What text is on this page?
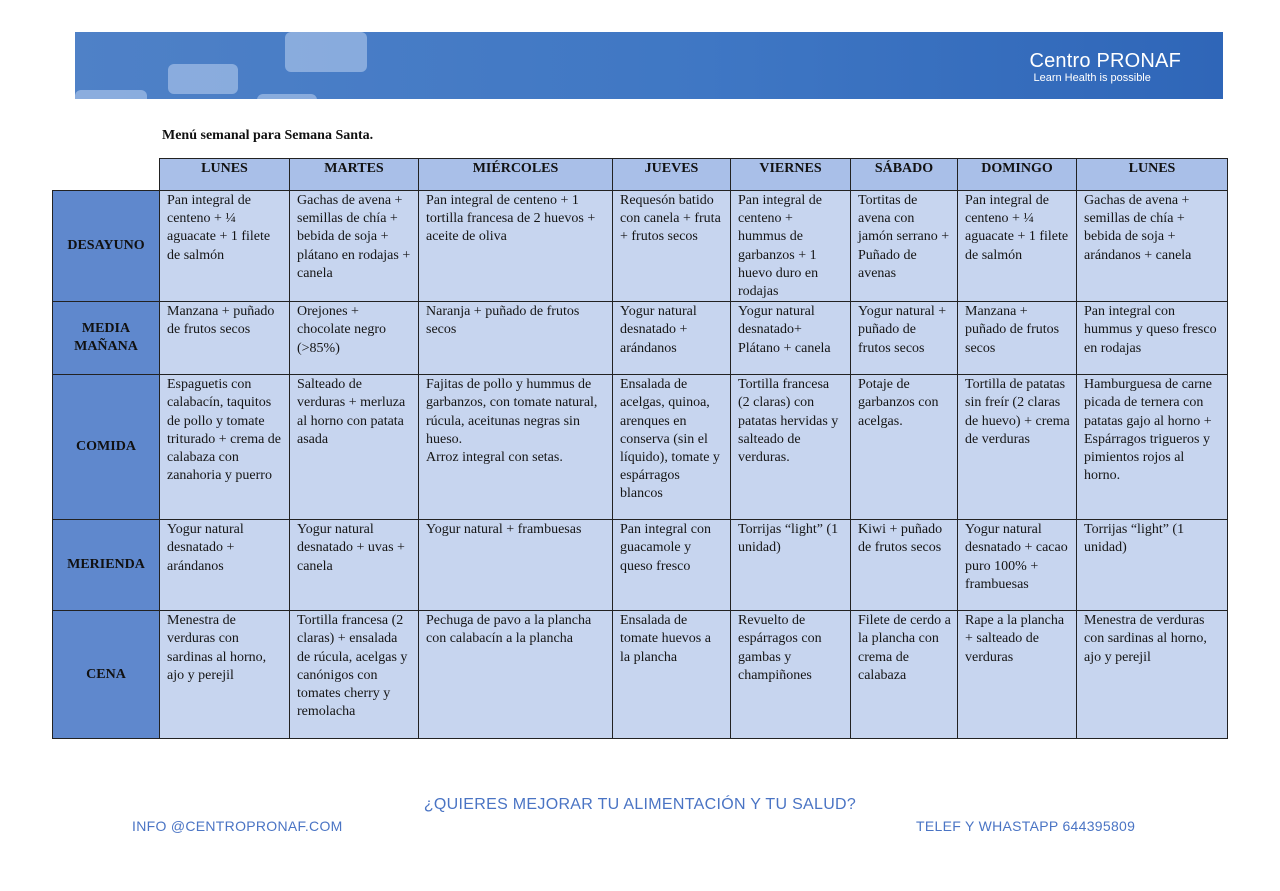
Centro PRONAF
Learn Health is possible
Menú semanal para Semana Santa.
	LUNES	MARTES	MIÉRCOLES	JUEVES	VIERNES	SÁBADO	DOMINGO	LUNES
DESAYUNO	Pan integral de centeno + ¼ aguacate + 1 filete de salmón	Gachas de avena + semillas de chía + bebida de soja + plátano en rodajas + canela	Pan integral de centeno + 1 tortilla francesa de 2 huevos + aceite de oliva	Requesón batido con canela + fruta + frutos secos	Pan integral de centeno + hummus de garbanzos + 1 huevo duro en rodajas	Tortitas de avena con jamón serrano + Puñado de avenas	Pan integral de centeno + ¼ aguacate + 1 filete de salmón	Gachas de avena + semillas de chía + bebida de soja + arándanos + canela
MEDIA MAÑANA	Manzana + puñado de frutos secos	Orejones + chocolate negro (>85%)	Naranja + puñado de frutos secos	Yogur natural desnatado + arándanos	Yogur natural desnatado+ Plátano + canela	Yogur natural + puñado de frutos secos	Manzana + puñado de frutos secos	Pan integral con hummus y queso fresco en rodajas
COMIDA	Espaguetis con calabacín, taquitos de pollo y tomate triturado + crema de calabaza con zanahoria y puerro	Salteado de verduras + merluza al horno con patata asada	Fajitas de pollo y hummus de garbanzos, con tomate natural, rúcula, aceitunas negras sin hueso.
Arroz integral con setas.	Ensalada de acelgas, quinoa, arenques en conserva (sin el líquido), tomate y espárragos blancos	Tortilla francesa (2 claras) con patatas hervidas y salteado de verduras.	Potaje de garbanzos con acelgas.	Tortilla de patatas sin freír (2 claras de huevo) + crema de verduras	Hamburguesa de carne picada de ternera con patatas gajo al horno + Espárragos trigueros y pimientos rojos al horno.
MERIENDA	Yogur natural desnatado + arándanos	Yogur natural desnatado + uvas + canela	Yogur natural + frambuesas	Pan integral con guacamole y queso fresco	Torrijas “light” (1 unidad)	Kiwi + puñado de frutos secos	Yogur natural desnatado + cacao puro 100% + frambuesas	Torrijas “light” (1 unidad)
CENA	Menestra de verduras con sardinas al horno, ajo y perejil	Tortilla francesa (2 claras) + ensalada de rúcula, acelgas y canónigos con tomates cherry y remolacha	Pechuga de pavo a la plancha con calabacín a la plancha	Ensalada de tomate huevos a la plancha	Revuelto de espárragos con gambas y champiñones	Filete de cerdo a la plancha con crema de calabaza	Rape a la plancha + salteado de verduras	Menestra de verduras con sardinas al horno, ajo y perejil
¿QUIERES MEJORAR TU ALIMENTACIÓN Y TU SALUD?
INFO @CENTROPRONAF.COM	TELEF Y WHASTAPP 644395809
